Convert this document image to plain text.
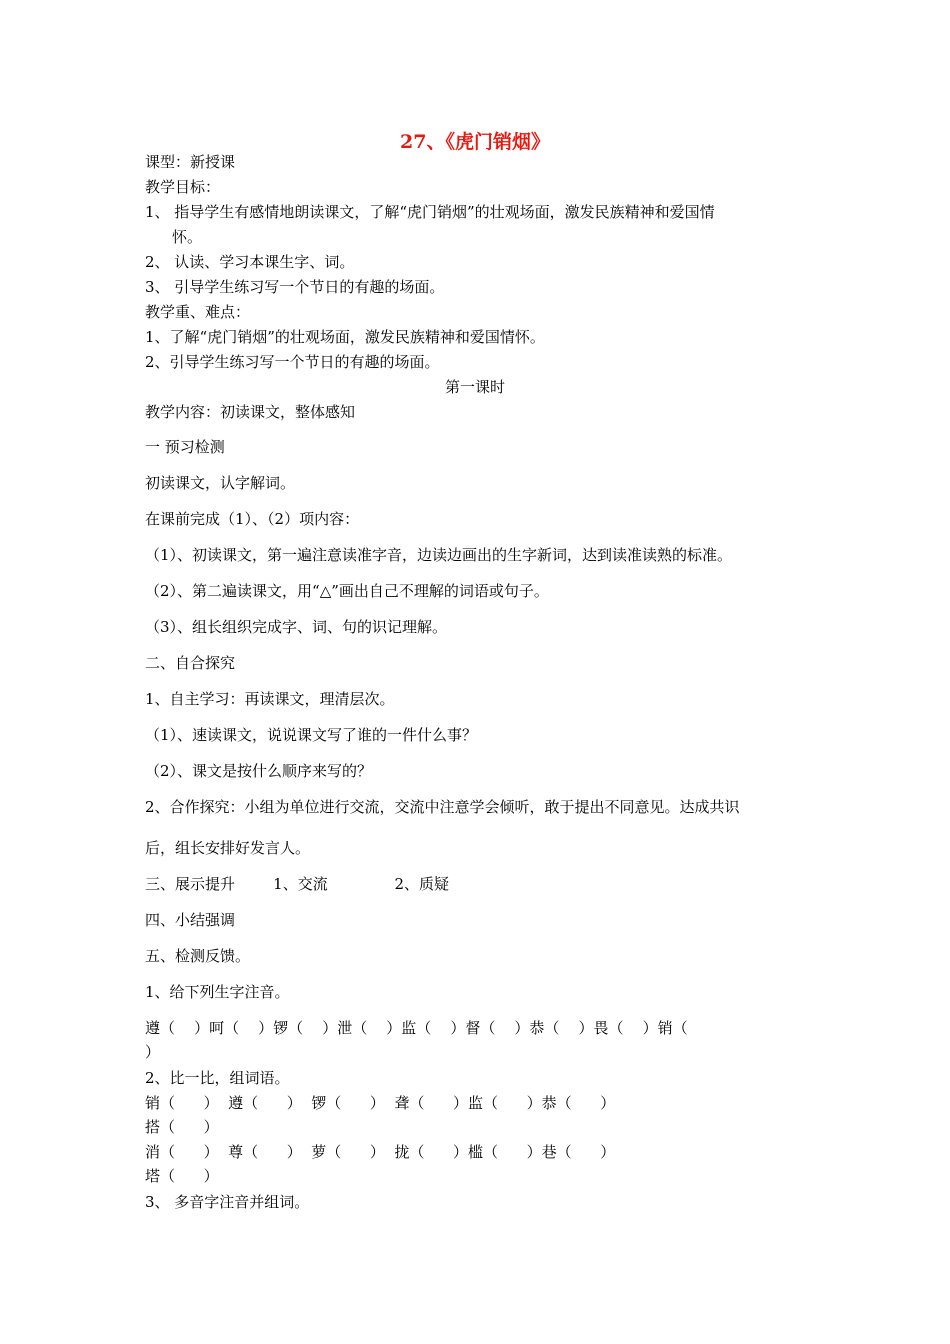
27、《虎门销烟》
课型：新授课
教学目标：
1、 指导学生有感情地朗读课文，了解“虎门销烟”的壮观场面，激发民族精神和爱国情
怀。
2、 认读、学习本课生字、词。
3、 引导学生练习写一个节日的有趣的场面。
教学重、难点：
1、了解“虎门销烟”的壮观场面，激发民族精神和爱国情怀。
2、引导学生练习写一个节日的有趣的场面。
第一课时
教学内容：初读课文，整体感知
一 预习检测
初读课文，认字解词。
在课前完成（1）、（2）项内容：
（1）、初读课文，第一遍注意读准字音，边读边画出的生字新词，达到读准读熟的标准。
（2）、第二遍读课文，用“△”画出自己不理解的词语或句子。
（3）、组长组织完成字、词、句的识记理解。
二、自合探究
1、自主学习：再读课文，理清层次。
（1）、速读课文，说说课文写了谁的一件什么事？
（2）、课文是按什么顺序来写的？
2、合作探究：小组为单位进行交流，交流中注意学会倾听，敢于提出不同意见。达成共识
后，组长安排好发言人。
三、展示提升        1、交流              2、质疑
四、小结强调
五、检测反馈。
1、给下列生字注音。
遵（    ）呵（    ）锣（    ）泄（    ）监（    ）督（    ）恭（    ）畏（    ）销（
）
2、比一比，组词语。
销（      ）  遵（      ）  锣（      ）  聋（      ）监（      ）恭（      ）
搭（      ）
消（      ）  尊（      ）  萝（      ）  拢（      ）槛（      ）巷（      ）
塔（      ）
3、 多音字注音并组词。
